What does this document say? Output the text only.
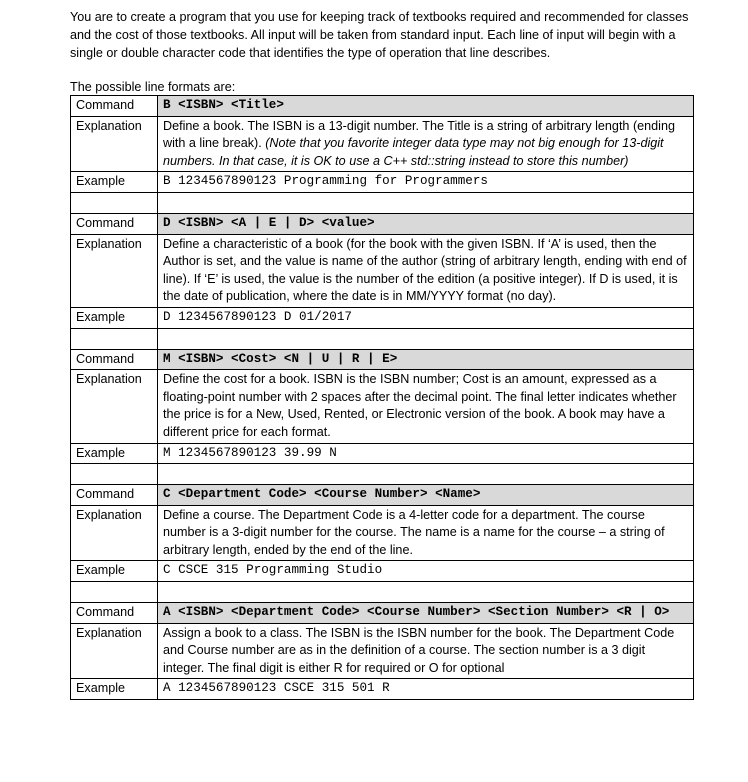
You are to create a program that you use for keeping track of textbooks required and recommended for classes and the cost of those textbooks. All input will be taken from standard input. Each line of input will begin with a single or double character code that identifies the type of operation that line describes.
The possible line formats are:
Command	B <ISBN> <Title>
Explanation	Define a book. The ISBN is a 13-digit number. The Title is a string of arbitrary length (ending with a line break). (Note that you favorite integer data type may not big enough for 13-digit numbers. In that case, it is OK to use a C++ std::string instead to store this number)
Example	B 1234567890123 Programming for Programmers

Command	D <ISBN> <A | E | D> <value>
Explanation	Define a characteristic of a book (for the book with the given ISBN. If ‘A’ is used, then the Author is set, and the value is name of the author (string of arbitrary length, ending with end of line). If ‘E’ is used, the value is the number of the edition (a positive integer). If D is used, it is the date of publication, where the date is in MM/YYYY format (no day).
Example	D 1234567890123 D 01/2017

Command	M <ISBN> <Cost> <N | U | R | E>
Explanation	Define the cost for a book. ISBN is the ISBN number; Cost is an amount, expressed as a floating-point number with 2 spaces after the decimal point. The final letter indicates whether the price is for a New, Used, Rented, or Electronic version of the book. A book may have a different price for each format.
Example	M 1234567890123 39.99 N

Command	C <Department Code> <Course Number> <Name>
Explanation	Define a course. The Department Code is a 4-letter code for a department. The course number is a 3-digit number for the course. The name is a name for the course – a string of arbitrary length, ended by the end of the line.
Example	C CSCE 315 Programming Studio

Command	A <ISBN> <Department Code> <Course Number> <Section Number> <R | O>
Explanation	Assign a book to a class. The ISBN is the ISBN number for the book. The Department Code and Course number are as in the definition of a course. The section number is a 3 digit integer. The final digit is either R for required or O for optional
Example	A 1234567890123 CSCE 315 501 R
